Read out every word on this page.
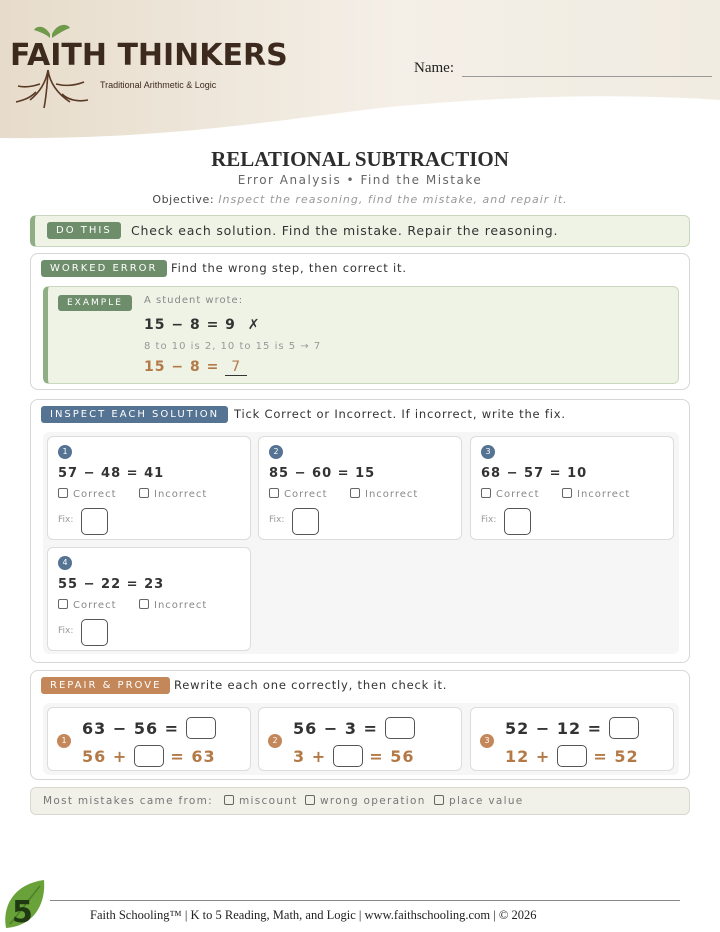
FAITH THINKERS
Traditional Arithmetic & Logic
Name:
RELATIONAL SUBTRACTION
Error Analysis • Find the Mistake
Objective: Inspect the reasoning, find the mistake, and repair it.
DO THIS	Check each solution. Find the mistake. Repair the reasoning.
WORKED ERROR	Find the wrong step, then correct it.
EXAMPLE	A student wrote:
15 − 8 = 9 ✗
8 to 10 is 2, 10 to 15 is 5 → 7
15 − 8 = 7
INSPECT EACH SOLUTION	Tick Correct or Incorrect. If incorrect, write the fix.
1
57 − 48 = 41
Correct	Incorrect
Fix:
2
85 − 60 = 15
Correct	Incorrect
Fix:
3
68 − 57 = 10
Correct	Incorrect
Fix:
4
55 − 22 = 23
Correct	Incorrect
Fix:
REPAIR & PROVE	Rewrite each one correctly, then check it.
1
63 − 56 =
56 +  = 63
2
56 − 3 =
3 +  = 56
3
52 − 12 =
12 +  = 52
Most mistakes came from:	miscount	wrong operation	place value
5	Faith Schooling™ | K to 5 Reading, Math, and Logic | www.faithschooling.com | © 2026
